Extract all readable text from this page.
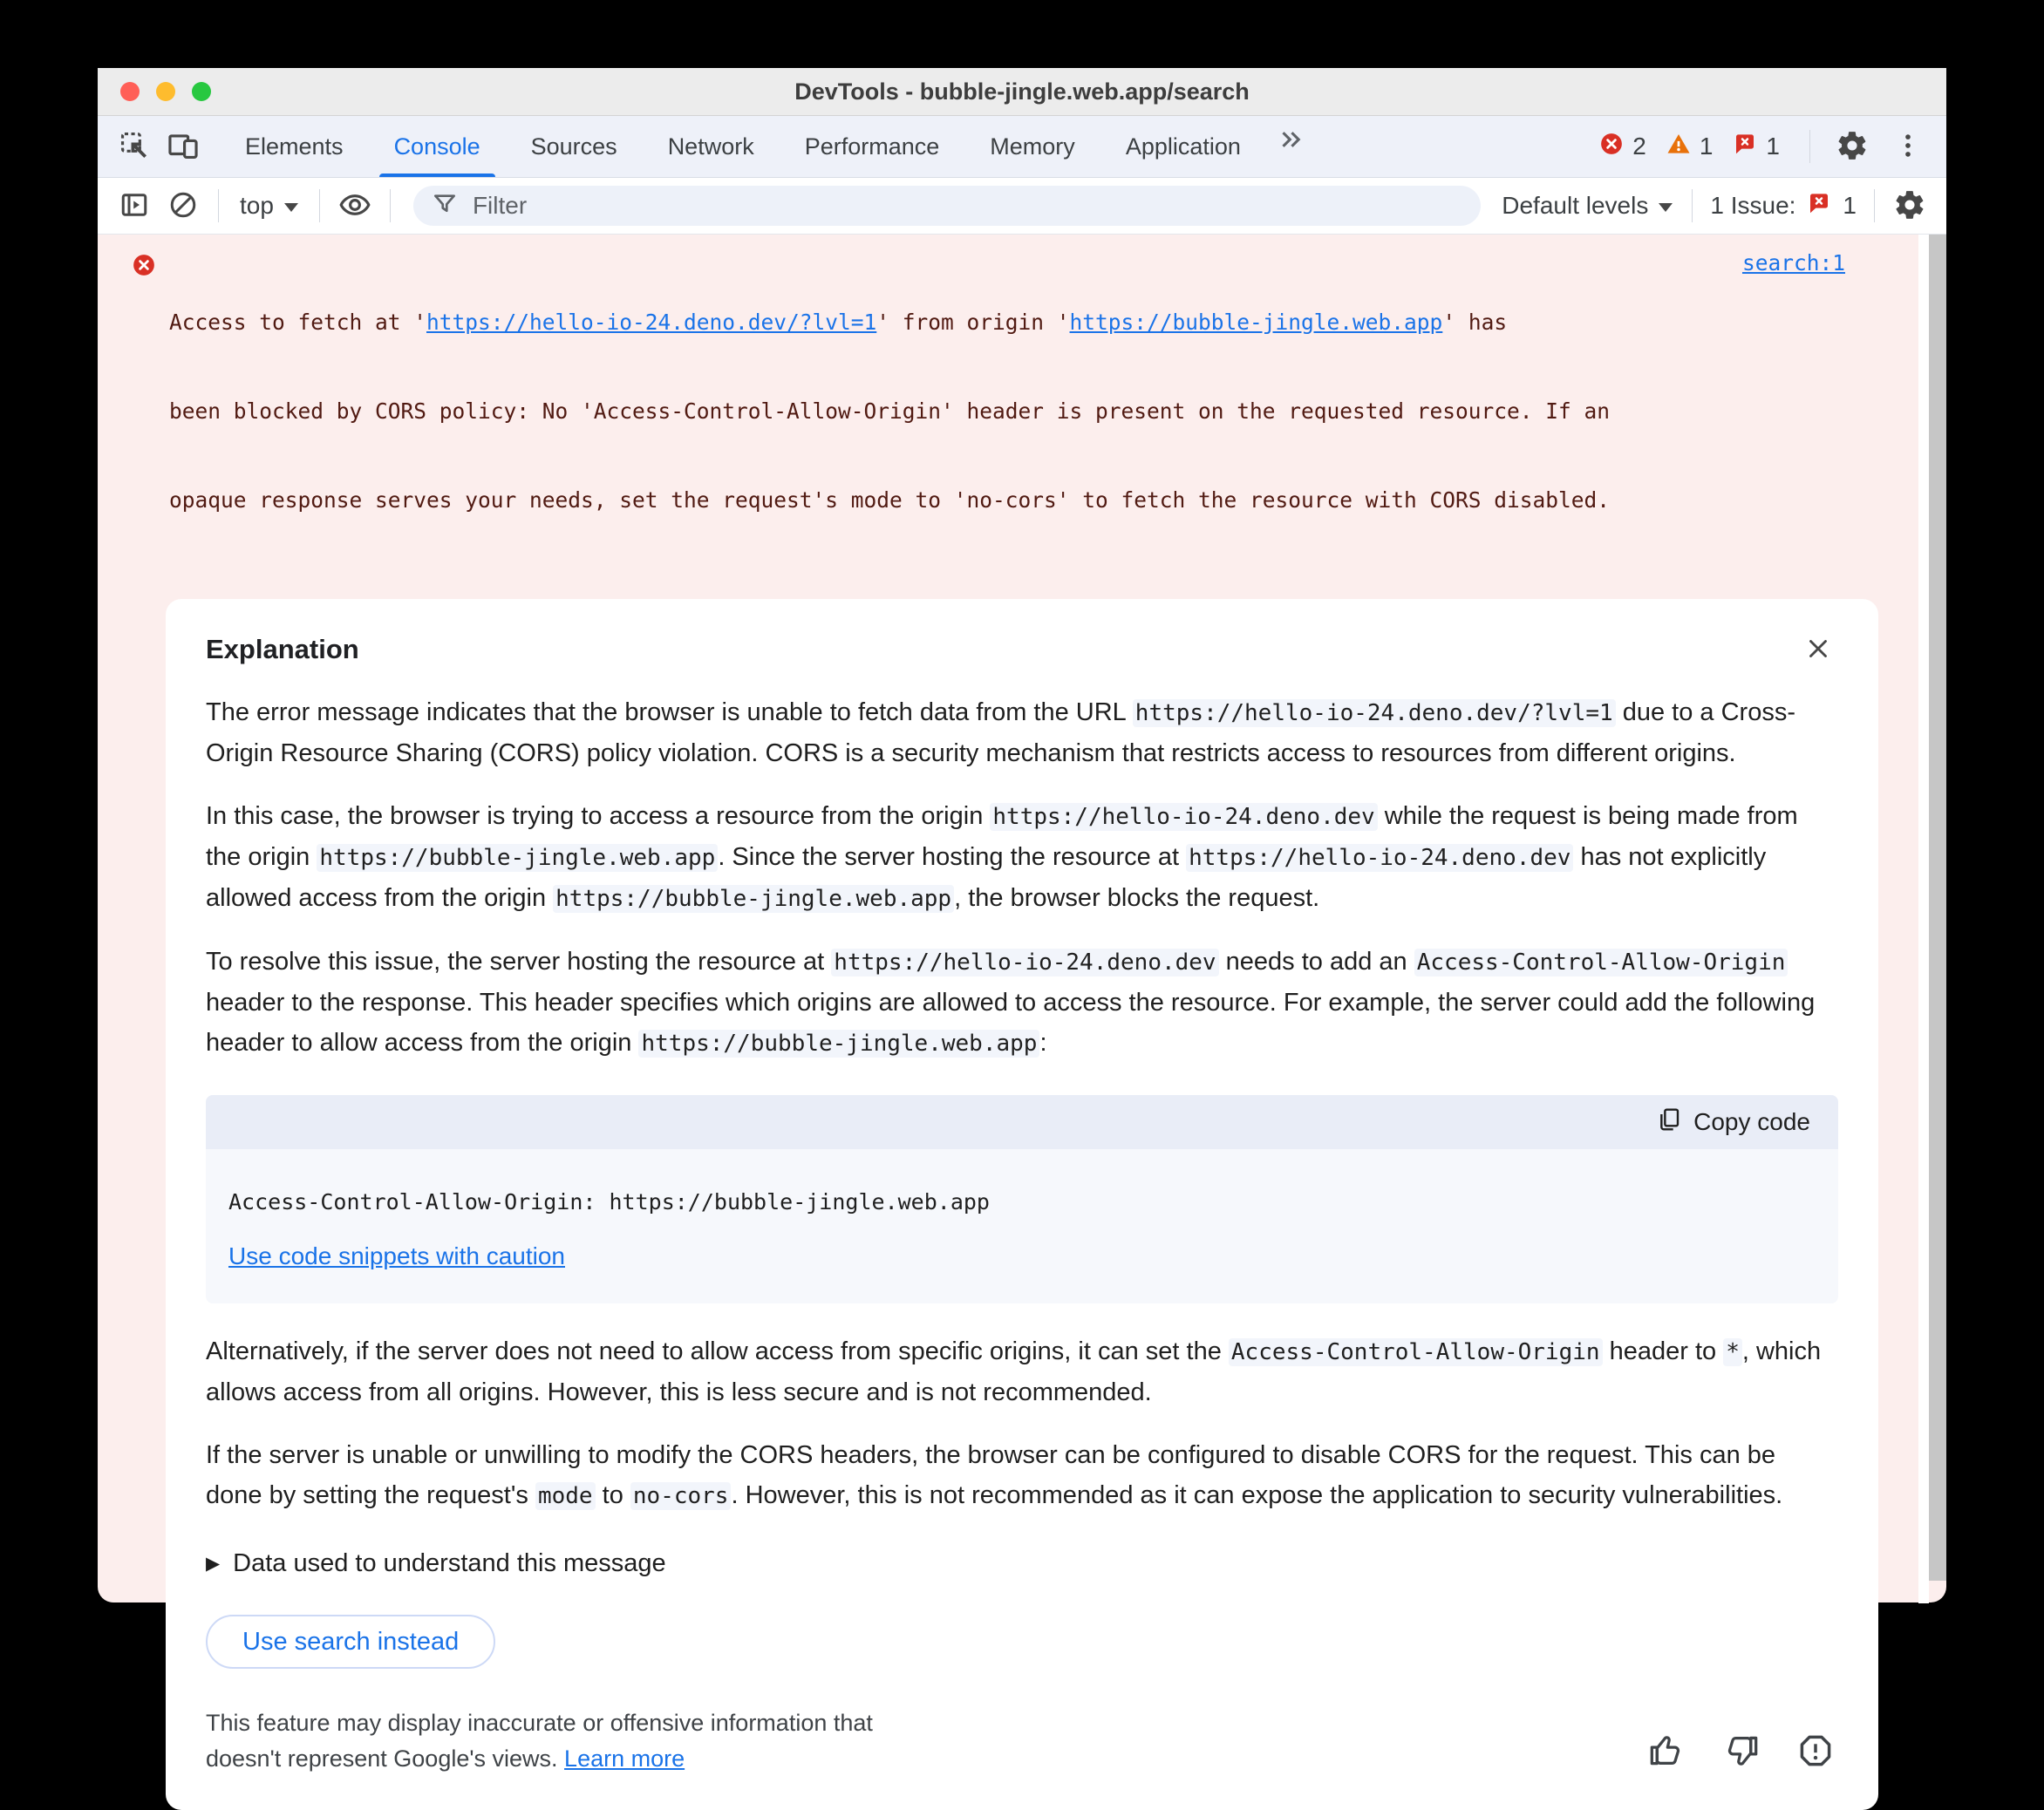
DevTools - bubble-jingle.web.app/search
Elements Console Sources Network Performance Memory Application	2 1 1
top
Filter	Default levels	1 Issue: 1

Access to fetch at 'https://hello-io-24.deno.dev/?lvl=1' from origin 'https://bubble-jingle.web.app' has

been blocked by CORS policy: No 'Access-Control-Allow-Origin' header is present on the requested resource. If an

opaque response serves your needs, set the request's mode to 'no-cors' to fetch the resource with CORS disabled.

search:1
Explanation

The error message indicates that the browser is unable to fetch data from the URL https://hello-io-24.deno.dev/?lvl=1 due to a Cross-Origin Resource Sharing (CORS) policy violation. CORS is a security mechanism that restricts access to resources from different origins.

In this case, the browser is trying to access a resource from the origin https://hello-io-24.deno.dev while the request is being made from the origin https://bubble-jingle.web.app . Since the server hosting the resource at https://hello-io-24.deno.dev has not explicitly allowed access from the origin https://bubble-jingle.web.app , the browser blocks the request.

To resolve this issue, the server hosting the resource at https://hello-io-24.deno.dev needs to add an Access-Control-Allow-Origin header to the response. This header specifies which origins are allowed to access the resource. For example, the server could add the following header to allow access from the origin https://bubble-jingle.web.app :

Copy code
Access-Control-Allow-Origin: https://bubble-jingle.web.app
Use code snippets with caution

Alternatively, if the server does not need to allow access from specific origins, it can set the Access-Control-Allow-Origin header to * , which allows access from all origins. However, this is less secure and is not recommended.

If the server is unable or unwilling to modify the CORS headers, the browser can be configured to disable CORS for the request. This can be done by setting the request's mode to no-cors . However, this is not recommended as it can expose the application to security vulnerabilities.

▶ Data used to understand this message
Use search instead
This feature may display inaccurate or offensive information that
doesn't represent Google's views. Learn more
